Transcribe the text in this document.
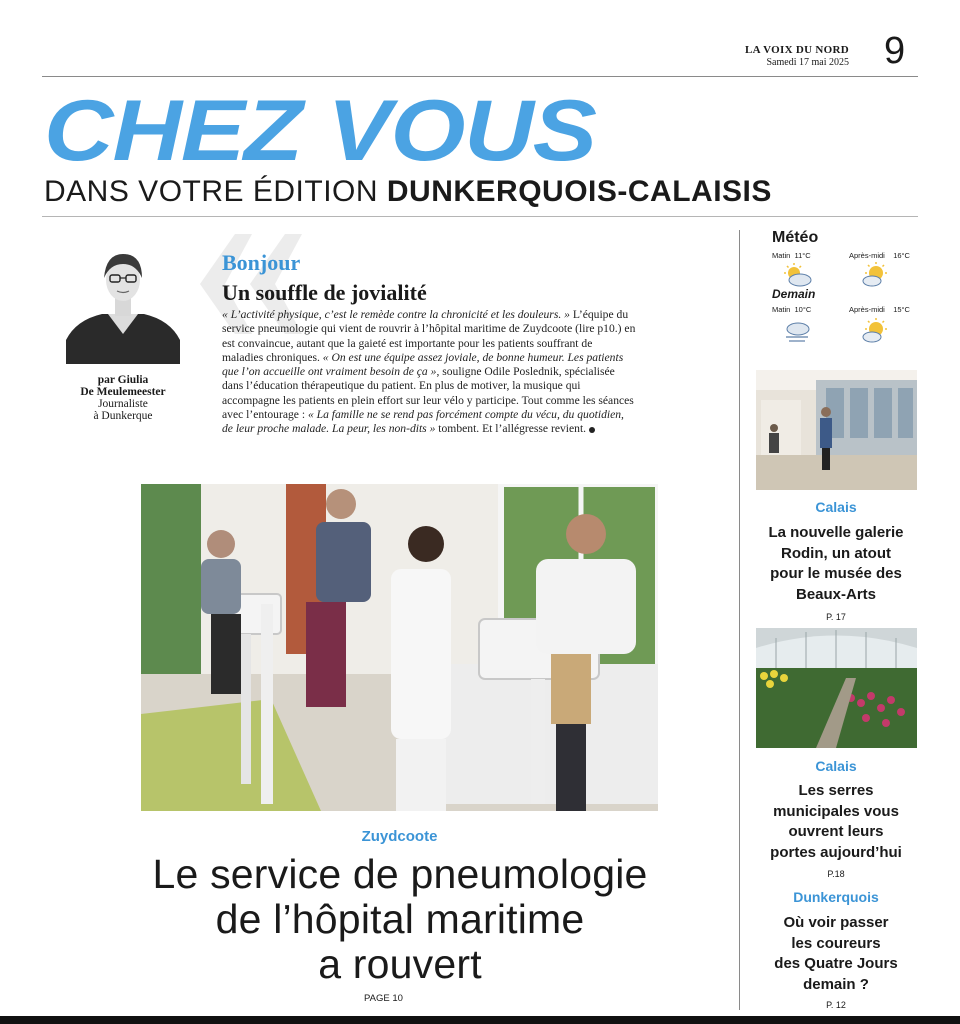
LA VOIX DU NORD
Samedi 17 mai 2025 9
CHEZ VOUS
DANS VOTRE ÉDITION DUNKERQUOIS-CALAISIS
par Giulia
De Meulemeester
Journaliste
à Dunkerque
Bonjour
Un souffle de jovialité
« L’activité physique, c’est le remède contre la chronicité et les douleurs. » L’équipe du service pneumologie qui vient de rouvrir à l’hôpital maritime de Zuydcoote (lire p10.) en est convaincue, autant que la gaieté est importante pour les patients souffrant de maladies chroniques. « On est une équipe assez joviale, de bonne humeur. Les patients que l’on accueille ont vraiment besoin de ça », souligne Odile Poslednik, spécialisée dans l’éducation thérapeutique du patient. En plus de motiver, la musique qui accompagne les patients en plein effort sur leur vélo y participe. Tout comme les séances avec l’entourage : « La famille ne se rend pas forcément compte du vécu, du quotidien, de leur proche malade. La peur, les non-dits » tombent. Et l’allégresse revient.
Zuydcoote
Le service de pneumologie
de l’hôpital maritime
a rouvert
PAGE 10
Météo
Matin 11°C	Après-midi 16°C
Demain
Matin 10°C	Après-midi 15°C
Calais
La nouvelle galerie
Rodin, un atout
pour le musée des
Beaux-Arts
P. 17
Calais
Les serres
municipales vous
ouvrent leurs
portes aujourd’hui
P.18
Dunkerquois
Où voir passer
les coureurs
des Quatre Jours
demain ?
P. 12
